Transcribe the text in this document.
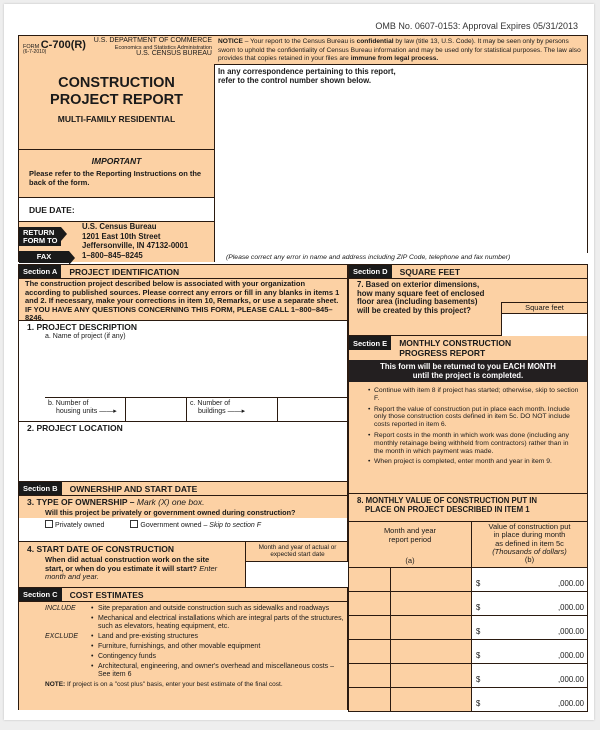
OMB No. 0607-0153: Approval Expires 05/31/2013
FORM C-700(R)
(6-7-2010)
U.S. DEPARTMENT OF COMMERCE
Economics and Statistics Administration
U.S. CENSUS BUREAU
CONSTRUCTION
PROJECT REPORT
MULTI-FAMILY RESIDENTIAL
NOTICE – Your report to the Census Bureau is confidential by law (title 13, U.S. Code). It may be seen only by persons sworn to uphold the confidentiality of Census Bureau information and may be used only for statistical purposes. The law also provides that copies retained in your files are immune from legal process.
In any correspondence pertaining to this report,
refer to the control number shown below.
IMPORTANT
Please refer to the Reporting Instructions on the back of the form.
DUE DATE:
RETURN
FORM TO
U.S. Census Bureau
1201 East 10th Street
Jeffersonville, IN 47132-0001
1–800–845–8245
FAX	(Please correct any error in name and address including ZIP Code, telephone and fax number)
Section A	PROJECT IDENTIFICATION
The construction project described below is associated with your organization according to published sources. Please correct any errors or fill in any blanks in items 1 and 2. If necessary, make your corrections in item 10, Remarks, or use a separate sheet. IF YOU HAVE ANY QUESTIONS CONCERNING THIS FORM, PLEASE CALL 1–800–845–8246.
1. PROJECT DESCRIPTION
a. Name of project (if any)
b. Number of
housing units ——▸
c. Number of
buildings ——▸
2. PROJECT LOCATION
Section B	OWNERSHIP AND START DATE
3. TYPE OF OWNERSHIP – Mark (X) one box.
Will this project be privately or government owned during construction?
Privately owned	Government owned – Skip to section F
4. START DATE OF CONSTRUCTION
When did actual construction work on the site start, or when do you estimate it will start? Enter month and year.
Month and year of actual or expected start date
Section C	COST ESTIMATES
INCLUDE	• Site preparation and outside construction such as sidewalks and roadways
• Mechanical and electrical installations which are integral parts of the structures, such as elevators, heating equipment, etc.
EXCLUDE	• Land and pre-existing structures
• Furniture, furnishings, and other movable equipment
• Contingency funds
• Architectural, engineering, and owner's overhead and miscellaneous costs – See item 6
NOTE: If project is on a "cost plus" basis, enter your best estimate of the final cost.
Section D	SQUARE FEET
7. Based on exterior dimensions, how many square feet of enclosed floor area (including basements) will be created by this project?	Square feet
Section E	MONTHLY CONSTRUCTION
PROGRESS REPORT
This form will be returned to you EACH MONTH
until the project is completed.
• Continue with item 8 if project has started; otherwise, skip to section F.
• Report the value of construction put in place each month. Include only those construction costs defined in item 5c. DO NOT include costs reported in item 6.
• Report costs in the month in which work was done (including any monthly retainage being withheld from contractors) rather than in the month in which payment was made.
• When project is completed, enter month and year in item 9.
8. MONTHLY VALUE OF CONSTRUCTION PUT IN
PLACE ON PROJECT DESCRIBED IN ITEM 1
Month and year
report period
(a)
Value of construction put
in place during month
as defined in item 5c
(Thousands of dollars)
(b)
$	,000.00
$	,000.00
$	,000.00
$	,000.00
$	,000.00
$	,000.00
